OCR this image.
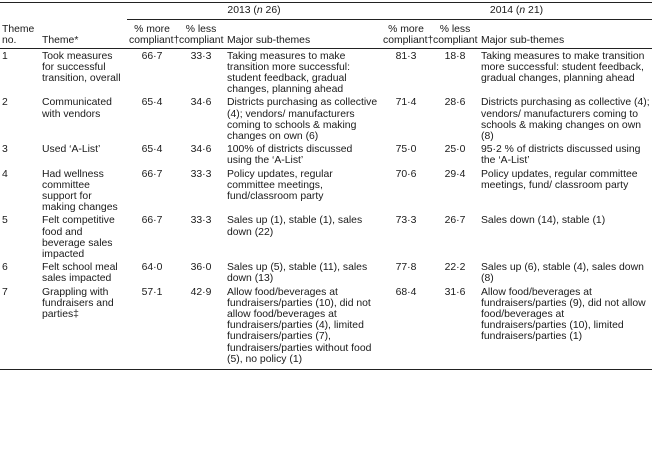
		2013 (n 26)			2014 (n 21)		
Theme no.	Theme*	% more compliant†	% less compliant	Major sub-themes	% more compliant†	% less compliant	Major sub-themes
1	Took measures for successful transition, overall	66·7	33·3	Taking measures to make transition more successful: student feedback, gradual changes, planning ahead	81·3	18·8	Taking measures to make transition more successful: student feedback, gradual changes, planning ahead
2	Communicated with vendors	65·4	34·6	Districts purchasing as collective (4); vendors/ manufacturers coming to schools & making changes on own (6)	71·4	28·6	Districts purchasing as collective (4); vendors/ manufacturers coming to schools & making changes on own (8)
3	Used ‘A-List’	65·4	34·6	100% of districts discussed using the ‘A-List’	75·0	25·0	95·2 % of districts discussed using the ‘A-List’
4	Had wellness committee support for making changes	66·7	33·3	Policy updates, regular committee meetings, fund/classroom party	70·6	29·4	Policy updates, regular committee meetings, fund/ classroom party
5	Felt competitive food and beverage sales impacted	66·7	33·3	Sales up (1), stable (1), sales down (22)	73·3	26·7	Sales down (14), stable (1)
6	Felt school meal sales impacted	64·0	36·0	Sales up (5), stable (11), sales down (13)	77·8	22·2	Sales up (6), stable (4), sales down (8)
7	Grappling with fundraisers and parties‡	57·1	42·9	Allow food/beverages at fundraisers/parties (10), did not allow food/beverages at fundraisers/parties (4), limited fundraisers/parties (7), fundraisers/parties without food (5), no policy (1)	68·4	31·6	Allow food/beverages at fundraisers/parties (9), did not allow food/beverages at fundraisers/parties (10), limited fundraisers/parties (1)
